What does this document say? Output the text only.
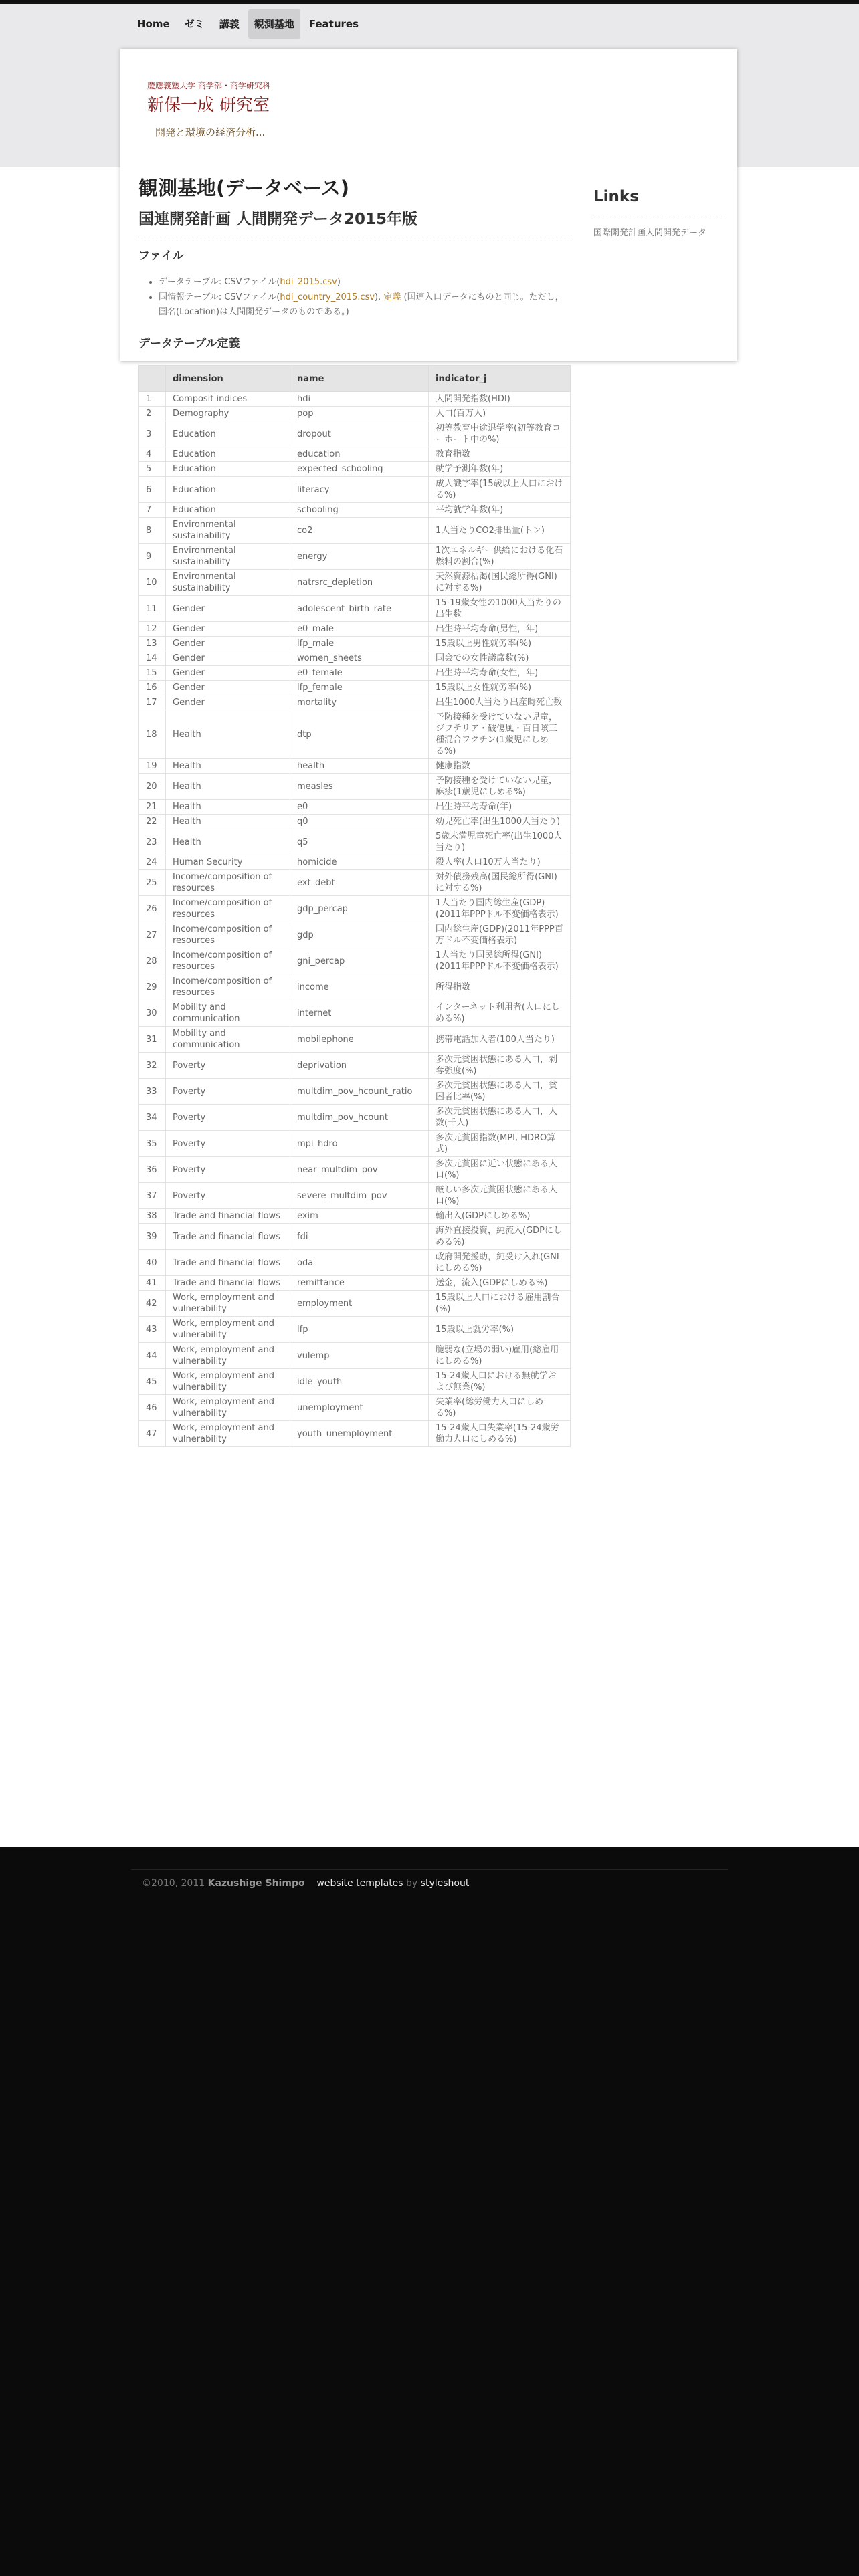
Home	ゼミ	講義	観測基地	Features
慶應義塾大学 商学部・商学研究科
新保一成 研究室
開発と環境の経済分析...
観測基地(データベース)
国連開発計画 人間開発データ2015年版
ファイル
• データテーブル: CSVファイル(hdi_2015.csv)
• 国情報テーブル: CSVファイル(hdi_country_2015.csv). 定義 (国連入口データにものと同じ。ただし，国名(Location)は人間開発データのものである。)
データテーブル定義
	dimension	name	indicator_j
1	Composit indices	hdi	人間開発指数(HDI)
2	Demography	pop	人口(百万人)
3	Education	dropout	初等教育中途退学率(初等教育コーホート中の%)
4	Education	education	教育指数
5	Education	expected_schooling	就学予測年数(年)
6	Education	literacy	成人識字率(15歳以上人口における%)
7	Education	schooling	平均就学年数(年)
8	Environmental sustainability	co2	1人当たりCO2排出量(トン)
9	Environmental sustainability	energy	1次エネルギー供給における化石燃料の割合(%)
10	Environmental sustainability	natrsrc_depletion	天然資源枯渇(国民総所得(GNI)に対する%)
11	Gender	adolescent_birth_rate	15-19歳女性の1000人当たりの出生数
12	Gender	e0_male	出生時平均寿命(男性，年)
13	Gender	lfp_male	15歳以上男性就労率(%)
14	Gender	women_sheets	国会での女性議席数(%)
15	Gender	e0_female	出生時平均寿命(女性，年)
16	Gender	lfp_female	15歳以上女性就労率(%)
17	Gender	mortality	出生1000人当たり出産時死亡数
18	Health	dtp	予防接種を受けていない児童，ジフテリア・破傷風・百日咳三種混合ワクチン(1歳児にしめる%)
19	Health	health	健康指数
20	Health	measles	予防接種を受けていない児童，麻疹(1歳児にしめる%)
21	Health	e0	出生時平均寿命(年)
22	Health	q0	幼児死亡率(出生1000人当たり)
23	Health	q5	5歳未満児童死亡率(出生1000人当たり)
24	Human Security	homicide	殺人率(人口10万人当たり)
25	Income/composition of resources	ext_debt	対外債務残高(国民総所得(GNI)に対する%)
26	Income/composition of resources	gdp_percap	1人当たり国内総生産(GDP)(2011年PPPドル不変価格表示)
27	Income/composition of resources	gdp	国内総生産(GDP)(2011年PPP百万ドル不変価格表示)
28	Income/composition of resources	gni_percap	1人当たり国民総所得(GNI)(2011年PPPドル不変価格表示)
29	Income/composition of resources	income	所得指数
30	Mobility and communication	internet	インターネット利用者(人口にしめる%)
31	Mobility and communication	mobilephone	携帯電話加入者(100人当たり)
32	Poverty	deprivation	多次元貧困状態にある人口，剥奪強度(%)
33	Poverty	multdim_pov_hcount_ratio	多次元貧困状態にある人口，貧困者比率(%)
34	Poverty	multdim_pov_hcount	多次元貧困状態にある人口，人数(千人)
35	Poverty	mpi_hdro	多次元貧困指数(MPI, HDRO算式)
36	Poverty	near_multdim_pov	多次元貧困に近い状態にある人口(%)
37	Poverty	severe_multdim_pov	厳しい多次元貧困状態にある人口(%)
38	Trade and financial flows	exim	輸出入(GDPにしめる%)
39	Trade and financial flows	fdi	海外直接投資，純流入(GDPにしめる%)
40	Trade and financial flows	oda	政府開発援助，純受け入れ(GNIにしめる%)
41	Trade and financial flows	remittance	送金，流入(GDPにしめる%)
42	Work, employment and vulnerability	employment	15歳以上人口における雇用割合(%)
43	Work, employment and vulnerability	lfp	15歳以上就労率(%)
44	Work, employment and vulnerability	vulemp	脆弱な(立場の弱い)雇用(総雇用にしめる%)
45	Work, employment and vulnerability	idle_youth	15-24歳人口における無就学および無業(%)
46	Work, employment and vulnerability	unemployment	失業率(総労働力人口にしめる%)
47	Work, employment and vulnerability	youth_unemployment	15-24歳人口失業率(15-24歳労働力人口にしめる%)
Links
国際開発計画人間開発データ
©2010, 2011 Kazushige Shimpo website templates by styleshout
